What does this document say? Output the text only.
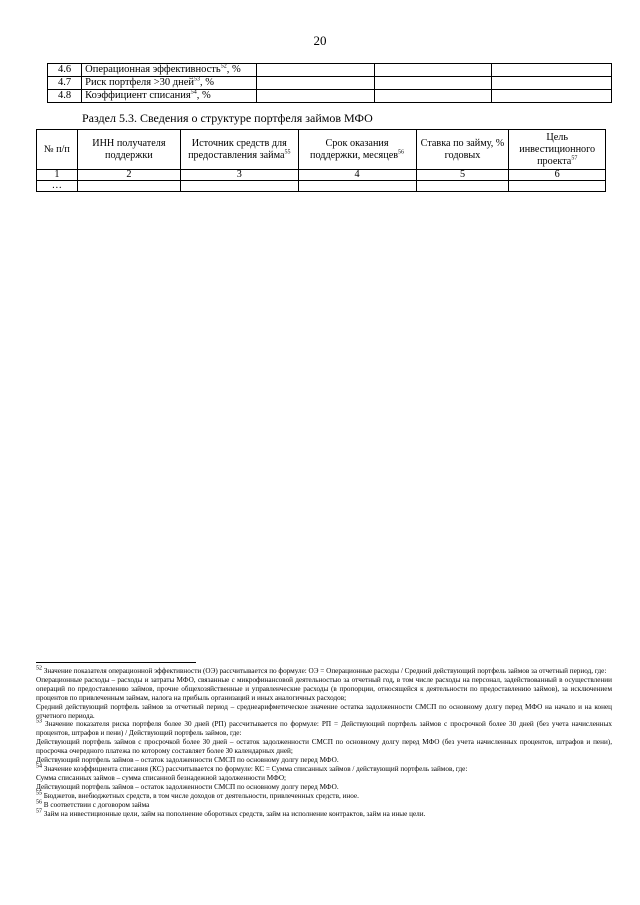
20
4.6	Операционная эффективность$^{52}$, %			
4.7	Риск портфеля >30 дней$^{53}$, %			
4.8	Коэффициент списания$^{54}$, %			
Раздел 5.3. Сведения о структуре портфеля займов МФО
№ п/п	ИНН получателя поддержки	Источник средств для предоставления займа$^{55}$	Срок оказания поддержки, месяцев$^{56}$	Ставка по займу, % годовых	Цель инвестиционного проекта$^{57}$
1	2	3	4	5	6
…					

$^{52}$ Значение показателя операционной эффективности (ОЭ) рассчитывается по формуле: ОЭ = Операционные расходы / Средний действующий портфель займов за отчетный период, где:

Операционные расходы – расходы и затраты МФО, связанные с микрофинансовой деятельностью за отчетный год, в том числе расходы на персонал, задействованный в осуществлении операций по предоставлению займов, прочие общехозяйственные и управленческие расходы (в пропорции, относящейся к деятельности по предоставлению займов), за исключением процентов по привлеченным займам, налога на прибыль организаций и иных аналогичных расходов;

Средний действующий портфель займов за отчетный период – среднеарифметическое значение остатка задолженности СМСП по основному долгу перед МФО на начало и на конец отчетного периода.

$^{53}$ Значение показателя риска портфеля более 30 дней (РП) рассчитывается по формуле: РП = Действующий портфель займов с просрочкой более 30 дней (без учета начисленных процентов, штрафов и пени) / Действующий портфель займов, где:

Действующий портфель займов с просрочкой более 30 дней – остаток задолженности СМСП по основному долгу перед МФО (без учета начисленных процентов, штрафов и пени), просрочка очередного платежа по которому составляет более 30 календарных дней;

Действующий портфель займов – остаток задолженности СМСП по основному долгу перед МФО.

$^{54}$ Значение коэффициента списания (КС) рассчитывается по формуле: КС = Сумма списанных займов / действующий портфель займов, где:

Сумма списанных займов – сумма списанной безнадежной задолженности МФО;

Действующий портфель займов – остаток задолженности СМСП по основному долгу перед МФО.

$^{55}$ Бюджетов, внебюджетных средств, в том числе доходов от деятельности, привлеченных средств, иное.

$^{56}$ В соответствии с договором займа

$^{57}$ Займ на инвестиционные цели, займ на пополнение оборотных средств, займ на исполнение контрактов, займ на иные цели.
